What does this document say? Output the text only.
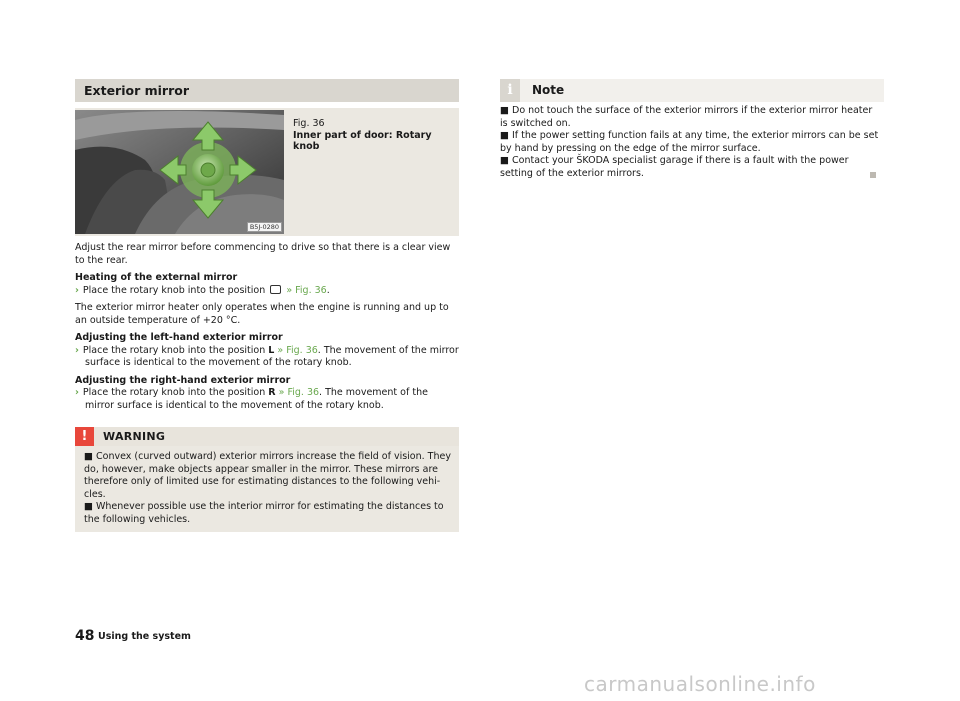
Exterior mirror
B5J-0280
Fig. 36
Inner part of door: Rotary knob

Adjust the rear mirror before commencing to drive so that there is a clear view to the rear.

Heating of the external mirror

› Place the rotary knob into the position  » Fig. 36.

The exterior mirror heater only operates when the engine is running and up to an outside temperature of +20 °C.

Adjusting the left-hand exterior mirror

› Place the rotary knob into the position L » Fig. 36. The movement of the mirror surface is identical to the movement of the rotary knob.

Adjusting the right-hand exterior mirror

› Place the rotary knob into the position R » Fig. 36. The movement of the mirror surface is identical to the movement of the rotary knob.

!	WARNING

■ Convex (curved outward) exterior mirrors increase the field of vision. They do, however, make objects appear smaller in the mirror. These mirrors are therefore only of limited use for estimating distances to the following vehi-cles.

■ Whenever possible use the interior mirror for estimating the distances to the following vehicles.

i	Note

■ Do not touch the surface of the exterior mirrors if the exterior mirror heater is switched on.

■ If the power setting function fails at any time, the exterior mirrors can be set by hand by pressing on the edge of the mirror surface.

■ Contact your ŠKODA specialist garage if there is a fault with the power setting of the exterior mirrors.

48 Using the system
carmanualsonline.info
